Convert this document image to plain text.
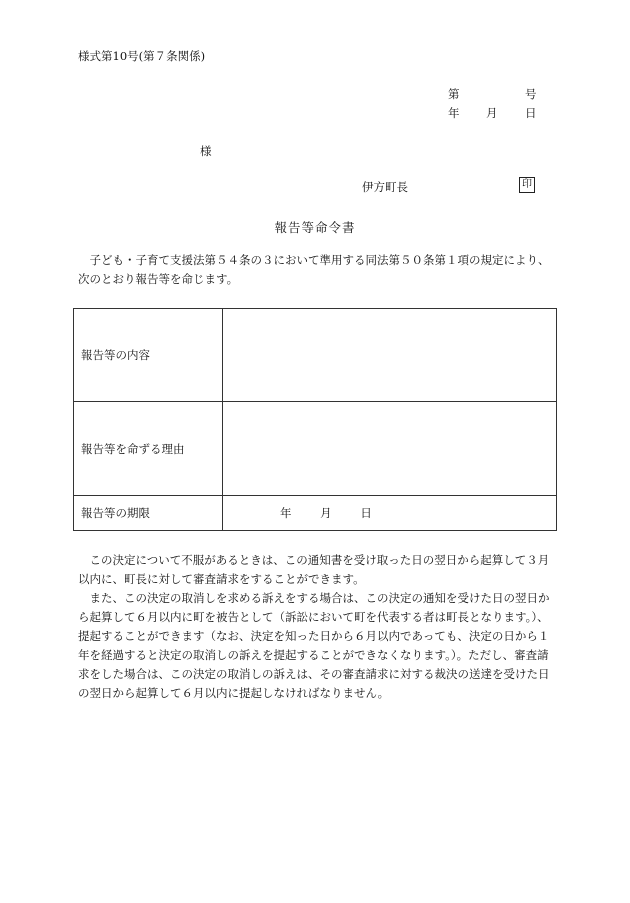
様式第10号(第７条関係)
第	号
年 月 日
様
伊方町長	印
報告等命令書
子ども・子育て支援法第５４条の３において準用する同法第５０条第１項の規定により、次のとおり報告等を命じます。
報告等の内容	
報告等を命ずる理由	
報告等の期限	年 月 日

この決定について不服があるときは、この通知書を受け取った日の翌日から起算して３月以内に、町長に対して審査請求をすることができます。

また、この決定の取消しを求める訴えをする場合は、この決定の通知を受けた日の翌日から起算して６月以内に町を被告として（訴訟において町を代表する者は町長となります。）、提起することができます（なお、決定を知った日から６月以内であっても、決定の日から１年を経過すると決定の取消しの訴えを提起することができなくなります。）。ただし、審査請求をした場合は、この決定の取消しの訴えは、その審査請求に対する裁決の送達を受けた日の翌日から起算して６月以内に提起しなければなりません。
